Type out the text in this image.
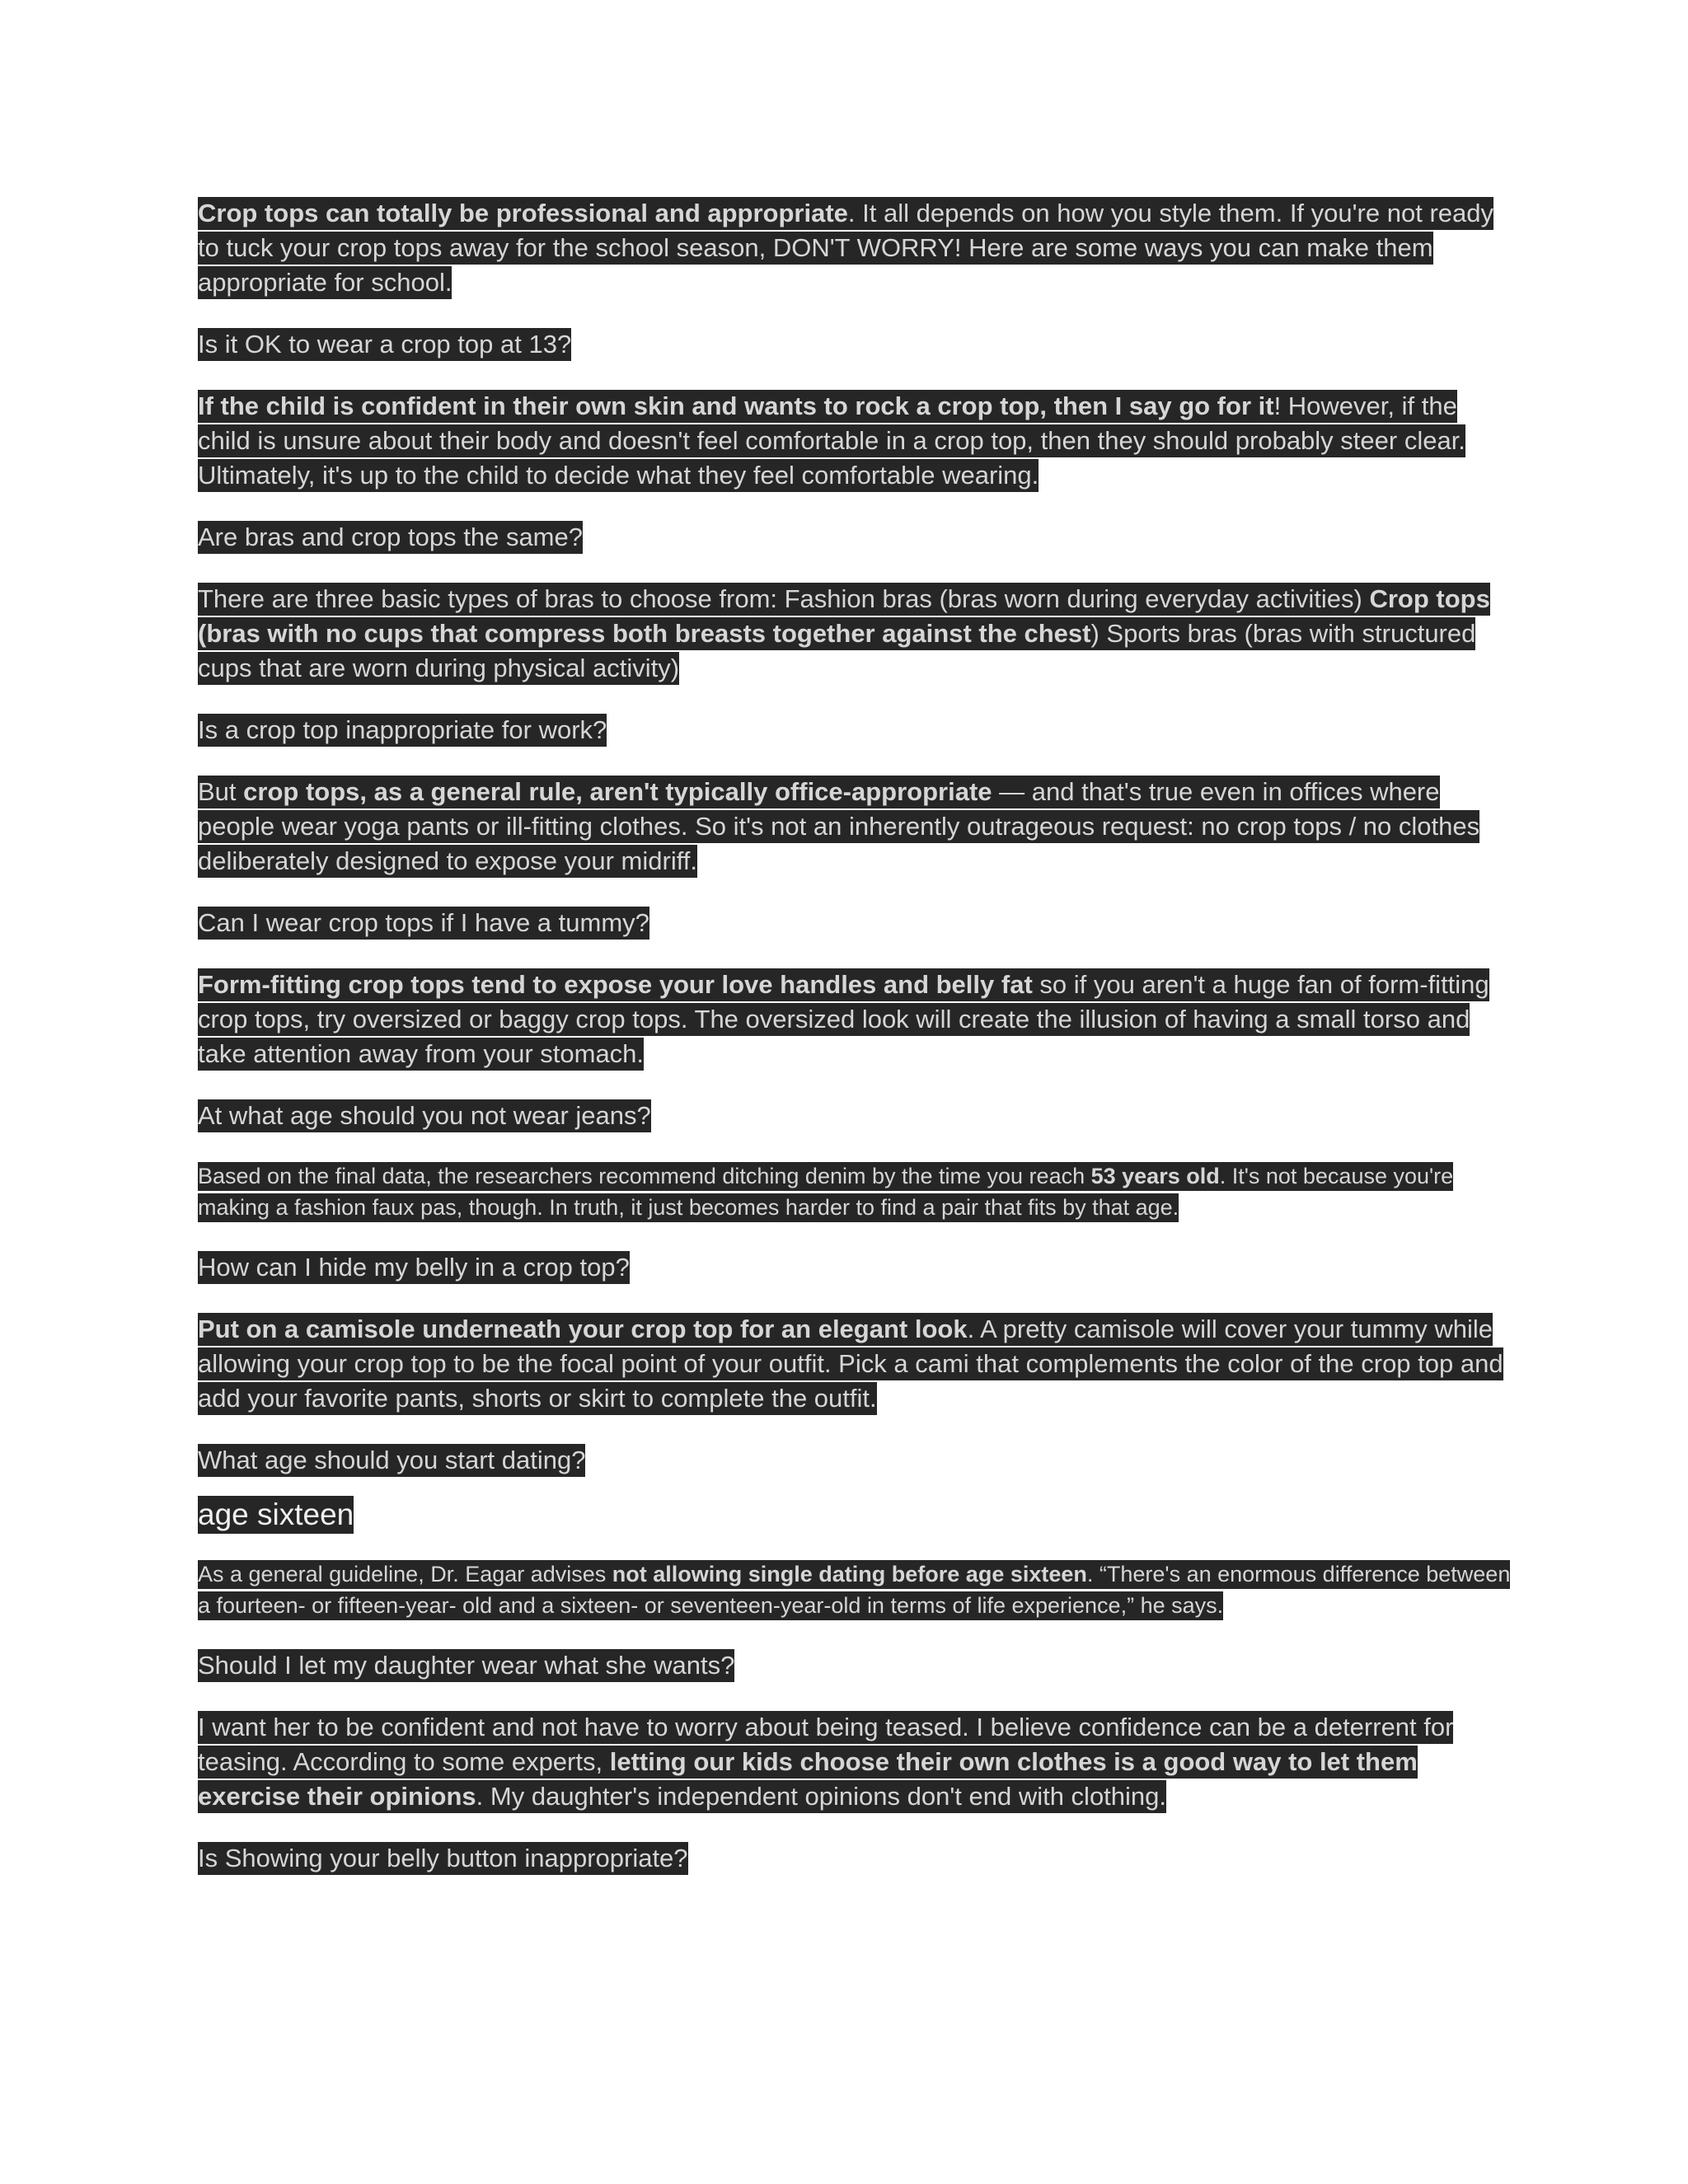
Crop tops can totally be professional and appropriate. It all depends on how you style them. If you're not ready to tuck your crop tops away for the school season, DON'T WORRY! Here are some ways you can make them appropriate for school.

Is it OK to wear a crop top at 13?

If the child is confident in their own skin and wants to rock a crop top, then I say go for it! However, if the child is unsure about their body and doesn't feel comfortable in a crop top, then they should probably steer clear. Ultimately, it's up to the child to decide what they feel comfortable wearing.

Are bras and crop tops the same?

There are three basic types of bras to choose from: Fashion bras (bras worn during everyday activities) Crop tops (bras with no cups that compress both breasts together against the chest) Sports bras (bras with structured cups that are worn during physical activity)

Is a crop top inappropriate for work?

But crop tops, as a general rule, aren't typically office-appropriate — and that's true even in offices where people wear yoga pants or ill-fitting clothes. So it's not an inherently outrageous request: no crop tops / no clothes deliberately designed to expose your midriff.

Can I wear crop tops if I have a tummy?

Form-fitting crop tops tend to expose your love handles and belly fat so if you aren't a huge fan of form-fitting crop tops, try oversized or baggy crop tops. The oversized look will create the illusion of having a small torso and take attention away from your stomach.

At what age should you not wear jeans?

Based on the final data, the researchers recommend ditching denim by the time you reach 53 years old. It's not because you're making a fashion faux pas, though. In truth, it just becomes harder to find a pair that fits by that age.

How can I hide my belly in a crop top?

Put on a camisole underneath your crop top for an elegant look. A pretty camisole will cover your tummy while allowing your crop top to be the focal point of your outfit. Pick a cami that complements the color of the crop top and add your favorite pants, shorts or skirt to complete the outfit.

What age should you start dating?

age sixteen

As a general guideline, Dr. Eagar advises not allowing single dating before age sixteen. “There's an enormous difference between a fourteen- or fifteen-year- old and a sixteen- or seventeen-year-old in terms of life experience,” he says.

Should I let my daughter wear what she wants?

I want her to be confident and not have to worry about being teased. I believe confidence can be a deterrent for teasing. According to some experts, letting our kids choose their own clothes is a good way to let them exercise their opinions. My daughter's independent opinions don't end with clothing.

Is Showing your belly button inappropriate?
